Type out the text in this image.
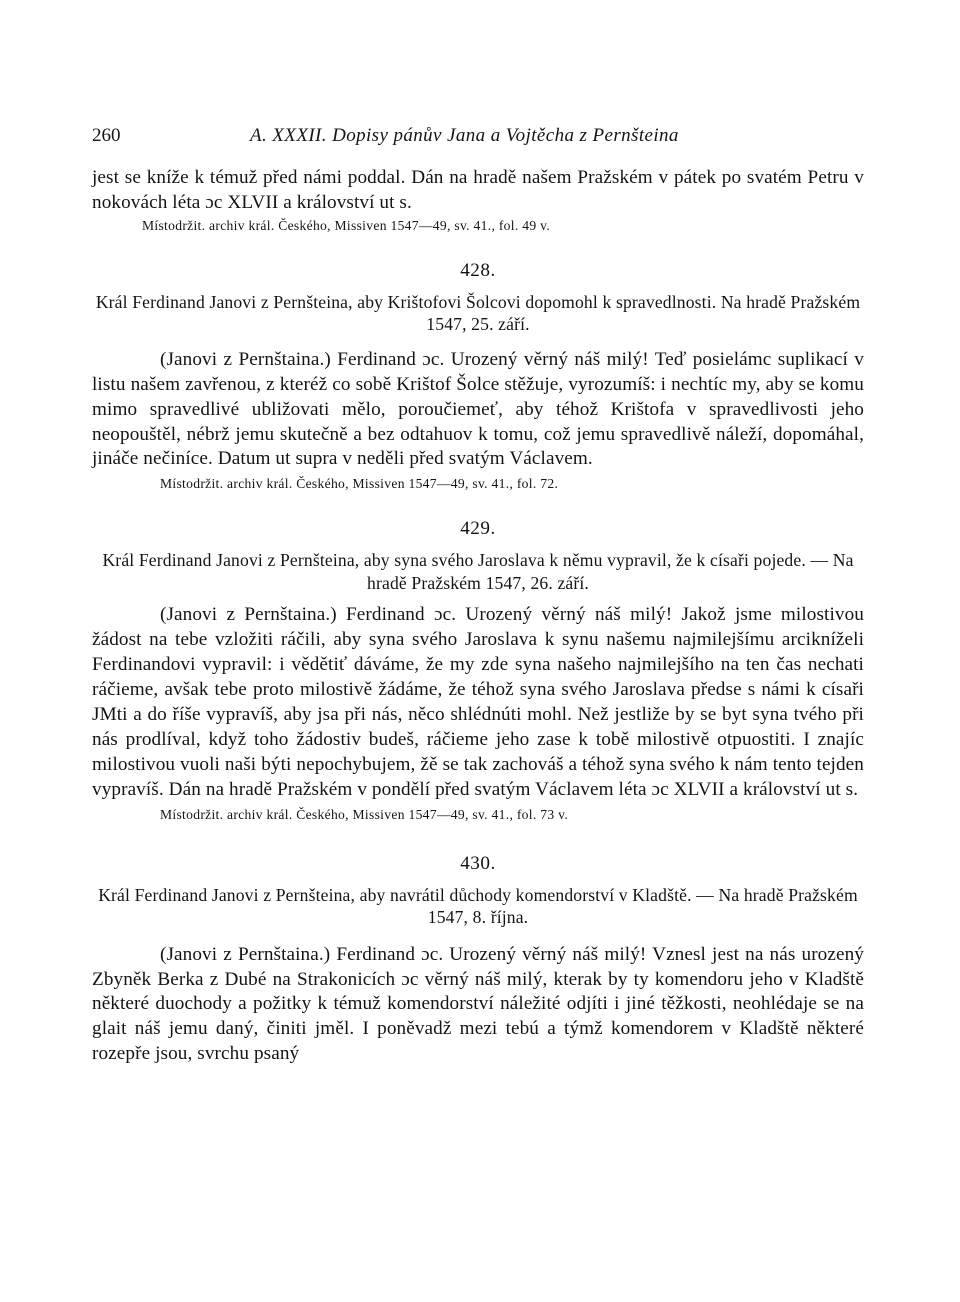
260	A. XXXII. Dopisy pánův Jana a Vojtěcha z Pernšteina

jest se kníže k témuž před námi poddal. Dán na hradě našem Pražském v pátek po svatém Petru v nokovách léta ɔc XLVII a království ut s.

Místodržit. archiv král. Českého, Missiven 1547—49, sv. 41., fol. 49 v.

428.

Král Ferdinand Janovi z Pernšteina, aby Krištofovi Šolcovi dopomohl k spravedlnosti. Na hradě Pražském 1547, 25. září.

(Janovi z Pernštaina.) Ferdinand ɔc. Urozený věrný náš milý! Teď posielámc suplikací v listu našem zavřenou, z kteréž co sobě Krištof Šolce stěžuje, vyrozumíš: i nechtíc my, aby se komu mimo spravedlivé ubližovati mělo, poroučiemeť, aby téhož Krištofa v spravedlivosti jeho neopouštěl, nébrž jemu skutečně a bez odtahuov k tomu, což jemu spravedlivě náleží, dopomáhal, jináče nečiníce. Datum ut supra v neděli před svatým Václavem.

Místodržit. archiv král. Českého, Missiven 1547—49, sv. 41., fol. 72.

429.

Král Ferdinand Janovi z Pernšteina, aby syna svého Jaroslava k němu vypravil, že k císaři pojede. — Na hradě Pražském 1547, 26. září.

(Janovi z Pernštaina.) Ferdinand ɔc. Urozený věrný náš milý! Jakož jsme milostivou žádost na tebe vzložiti ráčili, aby syna svého Jaroslava k synu našemu najmilejšímu arcikníželi Ferdinandovi vypravil: i vědětiť dáváme, že my zde syna našeho najmilejšího na ten čas nechati ráčieme, avšak tebe proto milostivě žádáme, že téhož syna svého Jaroslava předse s námi k císaři JMti a do říše vypravíš, aby jsa při nás, něco shlédnúti mohl. Než jestliže by se byt syna tvého při nás prodlíval, když toho žádostiv budeš, ráčieme jeho zase k tobě milostivě otpuostiti. I znajíc milostivou vuoli naši býti nepochybujem, žě se tak zachováš a téhož syna svého k nám tento tejden vypravíš. Dán na hradě Pražském v pondělí před svatým Václavem léta ɔc XLVII a království ut s.

Místodržit. archiv král. Českého, Missiven 1547—49, sv. 41., fol. 73 v.

430.

Král Ferdinand Janovi z Pernšteina, aby navrátil důchody komendorství v Kladště. — Na hradě Pražském 1547, 8. října.

(Janovi z Pernštaina.) Ferdinand ɔc. Urozený věrný náš milý! Vznesl jest na nás urozený Zbyněk Berka z Dubé na Strakonicích ɔc věrný náš milý, kterak by ty komendoru jeho v Kladště některé duochody a požitky k témuž komendorství náležité odjíti i jiné těžkosti, neohlédaje se na glait náš jemu daný, činiti jměl. I poněvadž mezi tebú a týmž komendorem v Kladště některé rozepře jsou, svrchu psaný
